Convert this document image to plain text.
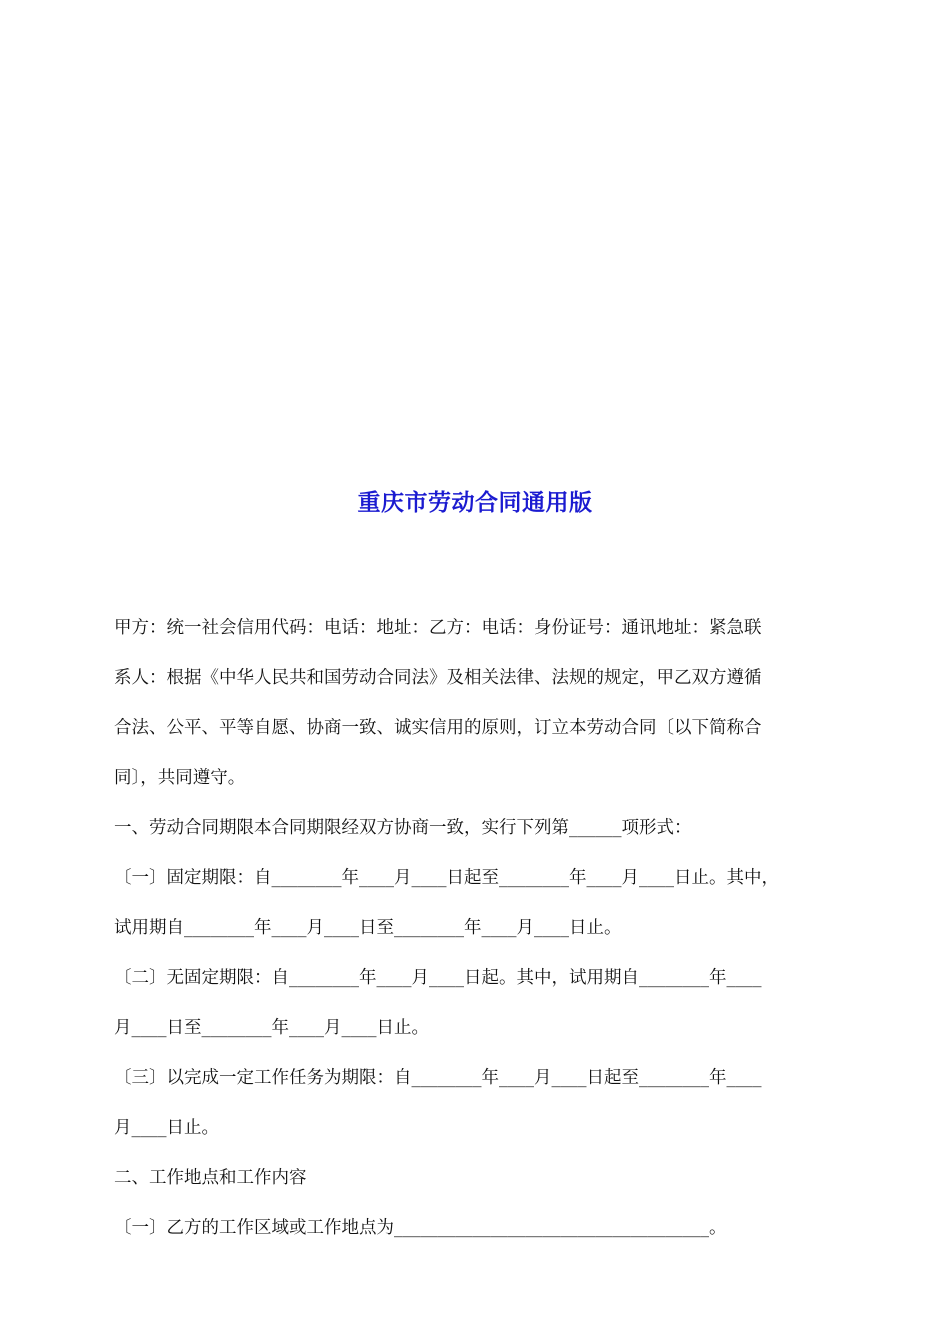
重庆市劳动合同通用版

甲方：统一社会信用代码：电话：地址：乙方：电话：身份证号：通讯地址：紧急联

系人：根据《中华人民共和国劳动合同法》及相关法律、法规的规定，甲乙双方遵循

合法、公平、平等自愿、协商一致、诚实信用的原则，订立本劳动合同〔以下简称合

同〕，共同遵守。

一、劳动合同期限本合同期限经双方协商一致，实行下列第______项形式：

〔一〕固定期限：自________年____月____日起至________年____月____日止。其中，

试用期自________年____月____日至________年____月____日止。

〔二〕无固定期限：自________年____月____日起。其中，试用期自________年____

月____日至________年____月____日止。

〔三〕以完成一定工作任务为期限：自________年____月____日起至________年____

月____日止。

二、工作地点和工作内容

〔一〕乙方的工作区域或工作地点为____________________________________。
